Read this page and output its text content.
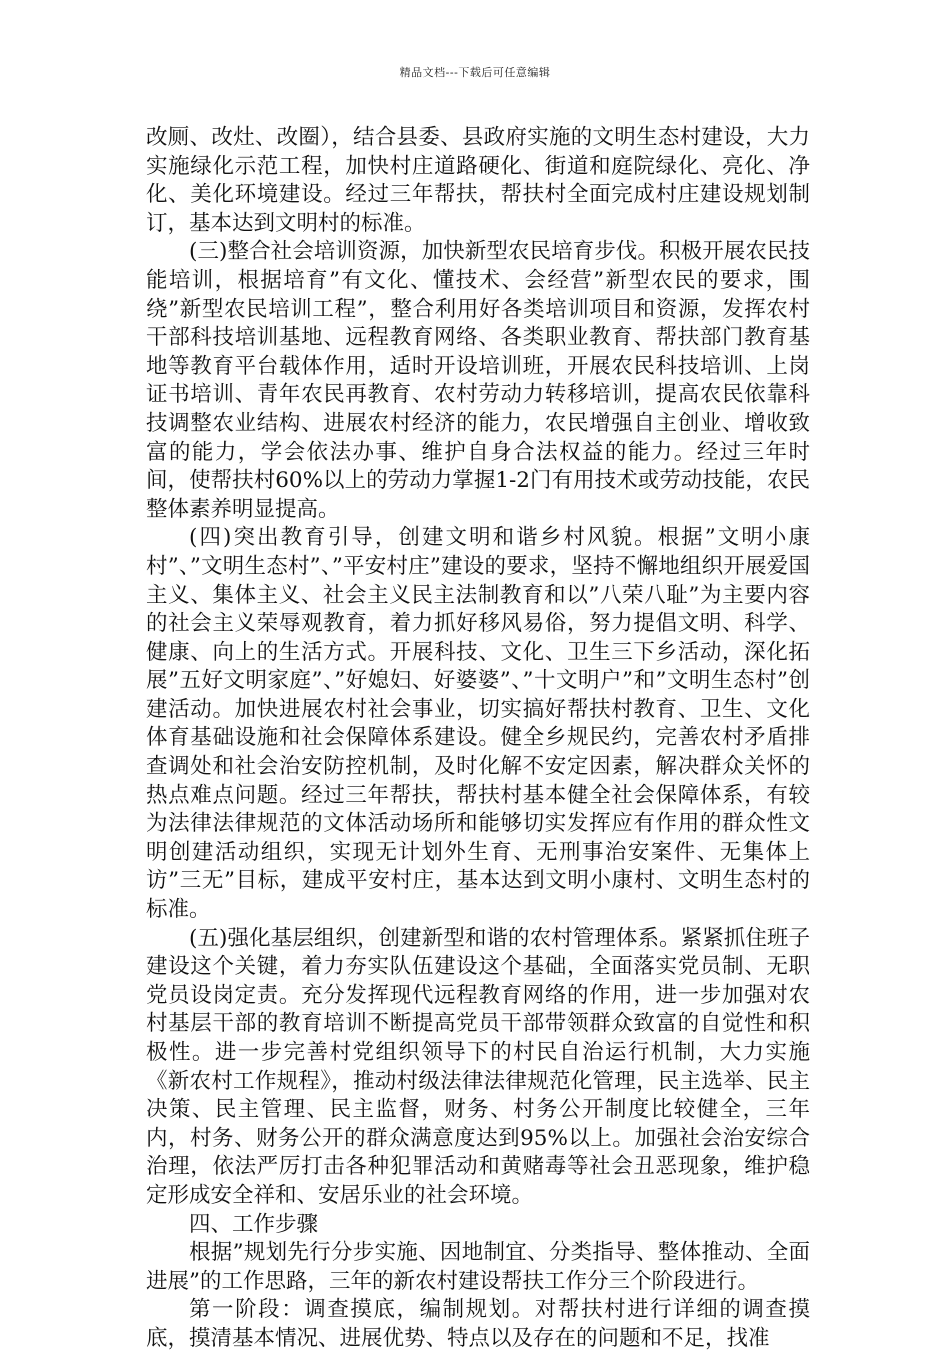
精品文档---下载后可任意编辑

改厕、改灶、改圈），结合县委、县政府实施的文明生态村建设，大力实施绿化示范工程，加快村庄道路硬化、街道和庭院绿化、亮化、净化、美化环境建设。经过三年帮扶，帮扶村全面完成村庄建设规划制订，基本达到文明村的标准。

(三)整合社会培训资源，加快新型农民培育步伐。积极开展农民技能培训，根据培育”有文化、懂技术、会经营”新型农民的要求，围绕”新型农民培训工程”，整合利用好各类培训项目和资源，发挥农村干部科技培训基地、远程教育网络、各类职业教育、帮扶部门教育基地等教育平台载体作用，适时开设培训班，开展农民科技培训、上岗证书培训、青年农民再教育、农村劳动力转移培训，提高农民依靠科技调整农业结构、进展农村经济的能力，农民增强自主创业、增收致富的能力，学会依法办事、维护自身合法权益的能力。经过三年时间，使帮扶村60%以上的劳动力掌握1-2门有用技术或劳动技能，农民整体素养明显提高。

(四)突出教育引导，创建文明和谐乡村风貌。根据”文明小康村”、”文明生态村”、”平安村庄”建设的要求，坚持不懈地组织开展爱国主义、集体主义、社会主义民主法制教育和以”八荣八耻”为主要内容的社会主义荣辱观教育，着力抓好移风易俗，努力提倡文明、科学、健康、向上的生活方式。开展科技、文化、卫生三下乡活动，深化拓展”五好文明家庭”、”好媳妇、好婆婆”、”十文明户”和”文明生态村”创建活动。加快进展农村社会事业，切实搞好帮扶村教育、卫生、文化体育基础设施和社会保障体系建设。健全乡规民约，完善农村矛盾排查调处和社会治安防控机制，及时化解不安定因素，解决群众关怀的热点难点问题。经过三年帮扶，帮扶村基本健全社会保障体系，有较为法律法律规范的文体活动场所和能够切实发挥应有作用的群众性文明创建活动组织，实现无计划外生育、无刑事治安案件、无集体上访”三无”目标，建成平安村庄，基本达到文明小康村、文明生态村的标准。

(五)强化基层组织，创建新型和谐的农村管理体系。紧紧抓住班子建设这个关键，着力夯实队伍建设这个基础，全面落实党员制、无职党员设岗定责。充分发挥现代远程教育网络的作用，进一步加强对农村基层干部的教育培训不断提高党员干部带领群众致富的自觉性和积极性。进一步完善村党组织领导下的村民自治运行机制，大力实施《新农村工作规程》，推动村级法律法律规范化管理，民主选举、民主决策、民主管理、民主监督，财务、村务公开制度比较健全，三年内，村务、财务公开的群众满意度达到95%以上。加强社会治安综合治理，依法严厉打击各种犯罪活动和黄赌毒等社会丑恶现象，维护稳定形成安全祥和、安居乐业的社会环境。

四、工作步骤

根据”规划先行分步实施、因地制宜、分类指导、整体推动、全面进展”的工作思路，三年的新农村建设帮扶工作分三个阶段进行。

第一阶段：调查摸底，编制规划。对帮扶村进行详细的调查摸底，摸清基本情况、进展优势、特点以及存在的问题和不足，找准
